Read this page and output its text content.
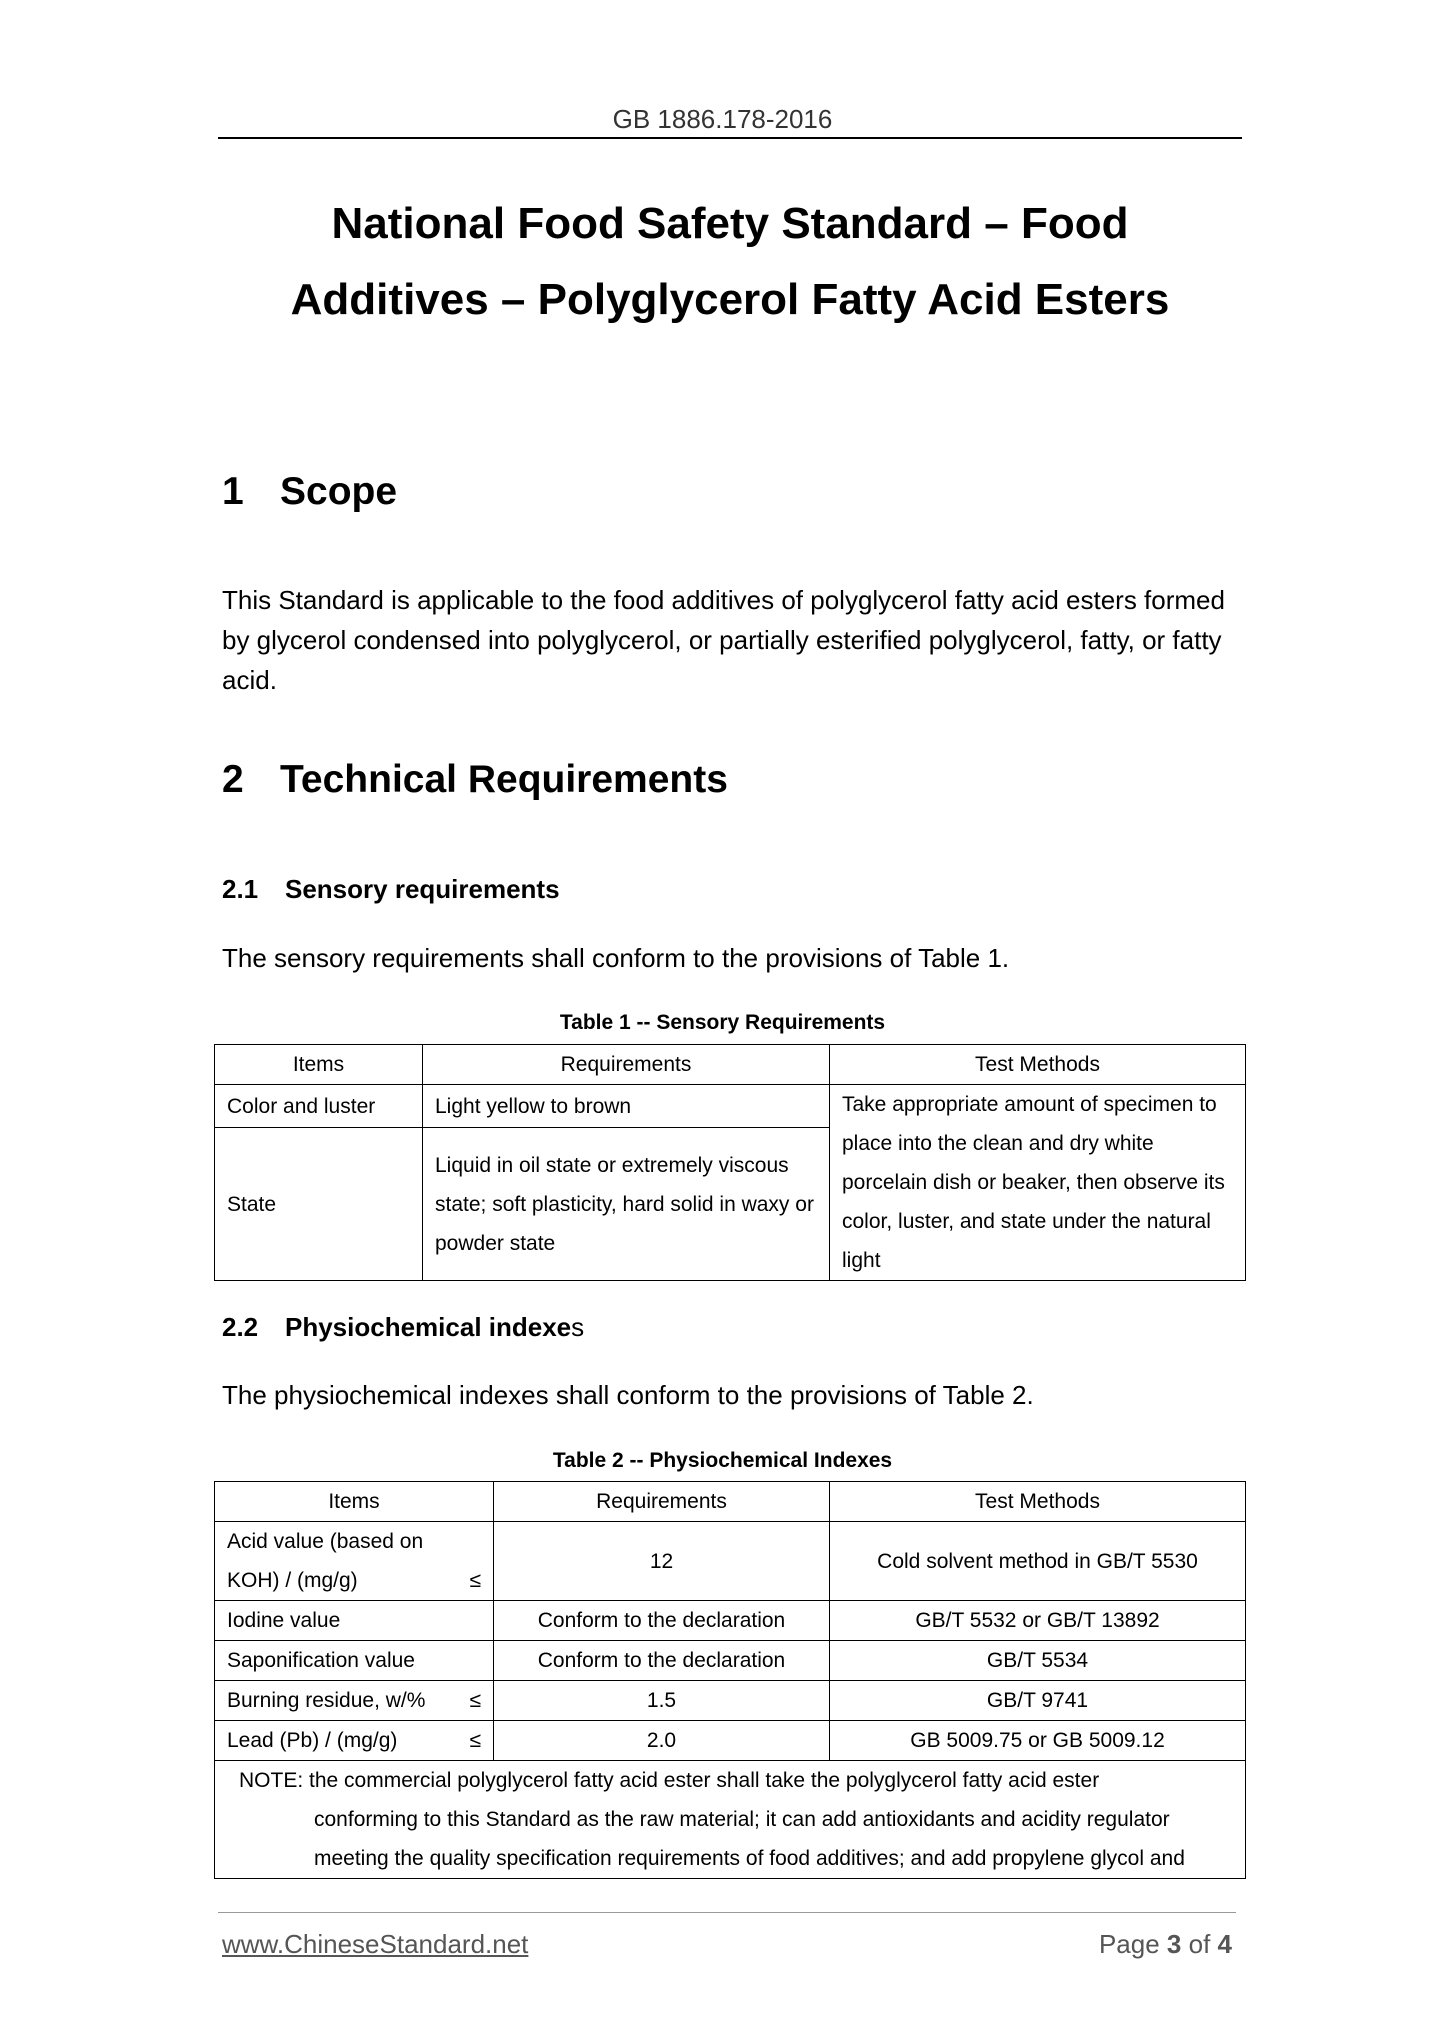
GB 1886.178-2016
National Food Safety Standard – Food
Additives – Polyglycerol Fatty Acid Esters
1 Scope
This Standard is applicable to the food additives of polyglycerol fatty acid esters formed by glycerol condensed into polyglycerol, or partially esterified polyglycerol, fatty, or fatty acid.
2 Technical Requirements
2.1 Sensory requirements
The sensory requirements shall conform to the provisions of Table 1.
Table 1 -- Sensory Requirements
Items	Requirements	Test Methods
Color and luster	Light yellow to brown	Take appropriate amount of specimen to place into the clean and dry white porcelain dish or beaker, then observe its color, luster, and state under the natural light
State	Liquid in oil state or extremely viscous state; soft plasticity, hard solid in waxy or powder state	
2.2 Physiochemical indexes
The physiochemical indexes shall conform to the provisions of Table 2.
Table 2 -- Physiochemical Indexes
Items	Requirements	Test Methods

Acid value (based on
KOH) / (mg/g) ≤	12	Cold solvent method in GB/T 5530
Iodine value	Conform to the declaration	GB/T 5532 or GB/T 13892
Saponification value	Conform to the declaration	GB/T 5534
Burning residue, w/% ≤	1.5	GB/T 9741
Lead (Pb) / (mg/g) ≤	2.0	GB 5009.75 or GB 5009.12

NOTE: the commercial polyglycerol fatty acid ester shall take the polyglycerol fatty acid ester
conforming to this Standard as the raw material; it can add antioxidants and acidity regulator
meeting the quality specification requirements of food additives; and add propylene glycol and		
www.ChineseStandard.net	Page 3 of 4
